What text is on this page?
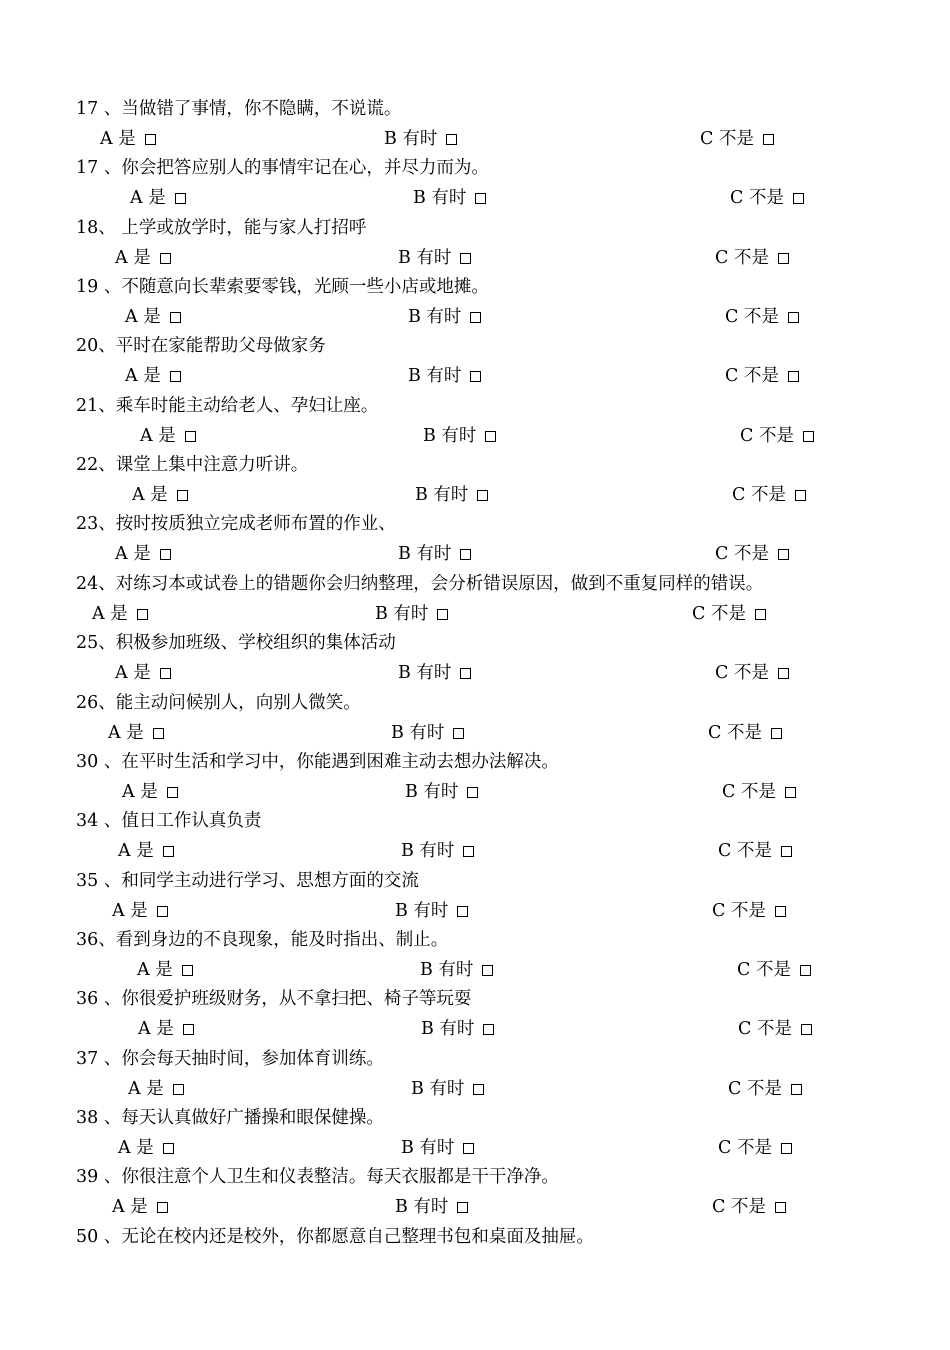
17 、当做错了事情，你不隐瞒，不说谎。
A 是	B 有时	C 不是
17 、你会把答应别人的事情牢记在心，并尽力而为。
A 是	B 有时	C 不是
18、 上学或放学时，能与家人打招呼
A 是	B 有时	C 不是
19 、不随意向长辈索要零钱，光顾一些小店或地摊。
A 是	B 有时	C 不是
20、平时在家能帮助父母做家务
A 是	B 有时	C 不是
21、乘车时能主动给老人、孕妇让座。
A 是	B 有时	C 不是
22、课堂上集中注意力听讲。
A 是	B 有时	C 不是
23、按时按质独立完成老师布置的作业、
A 是	B 有时	C 不是
24、对练习本或试卷上的错题你会归纳整理，会分析错误原因，做到不重复同样的错误。
A 是	B 有时	C 不是
25、积极参加班级、学校组织的集体活动
A 是	B 有时	C 不是
26、能主动问候别人，向别人微笑。
A 是	B 有时	C 不是
30 、在平时生活和学习中，你能遇到困难主动去想办法解决。
A 是	B 有时	C 不是
34 、值日工作认真负责
A 是	B 有时	C 不是
35 、和同学主动进行学习、思想方面的交流
A 是	B 有时	C 不是
36、看到身边的不良现象，能及时指出、制止。
A 是	B 有时	C 不是
36 、你很爱护班级财务，从不拿扫把、椅子等玩耍
A 是	B 有时	C 不是
37 、你会每天抽时间，参加体育训练。
A 是	B 有时	C 不是
38 、每天认真做好广播操和眼保健操。
A 是	B 有时	C 不是
39 、你很注意个人卫生和仪表整洁。每天衣服都是干干净净。
A 是	B 有时	C 不是
50 、无论在校内还是校外，你都愿意自己整理书包和桌面及抽屉。
